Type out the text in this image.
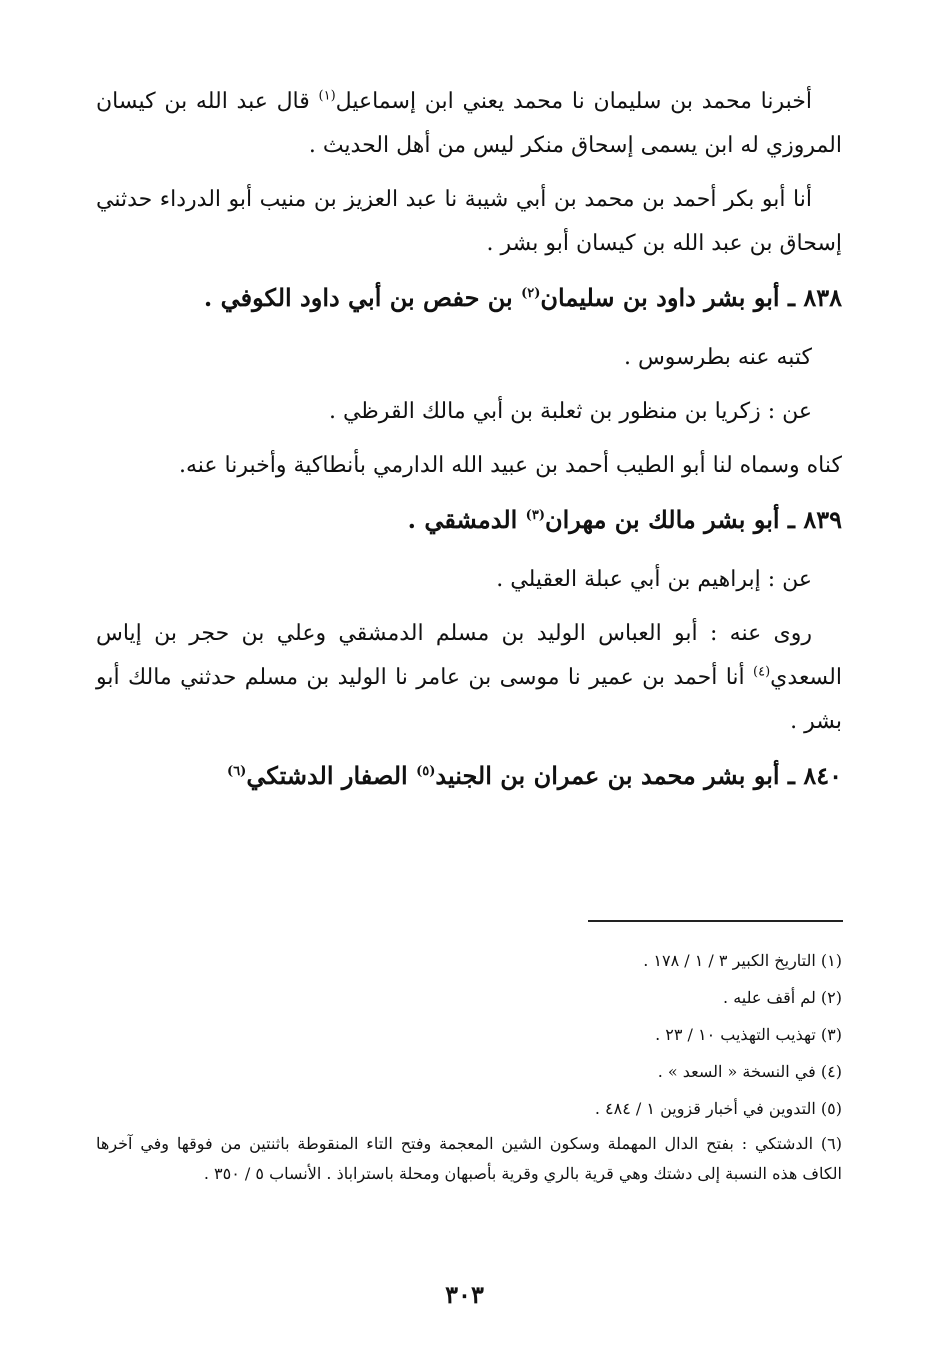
أخبرنا محمد بن سليمان نا محمد يعني ابن إسماعيل$^{(١)}$ قال عبد الله بن كيسان المروزي له ابن يسمى إسحاق منكر ليس من أهل الحديث .

أنا أبو بكر أحمد بن محمد بن أبي شيبة نا عبد العزيز بن منيب أبو الدرداء حدثني إسحاق بن عبد الله بن كيسان أبو بشر .

٨٣٨ ـ أبو بشر داود بن سليمان$^{(٢)}$ بن حفص بن أبي داود الكوفي .

كتبه عنه بطرسوس .

عن : زكريا بن منظور بن ثعلبة بن أبي مالك القرظي .

كناه وسماه لنا أبو الطيب أحمد بن عبيد الله الدارمي بأنطاكية وأخبرنا عنه.

٨٣٩ ـ أبو بشر مالك بن مهران$^{(٣)}$ الدمشقي .

عن : إبراهيم بن أبي عبلة العقيلي .

روى عنه : أبو العباس الوليد بن مسلم الدمشقي وعلي بن حجر بن إياس السعدي$^{(٤)}$ أنا أحمد بن عمير نا موسى بن عامر نا الوليد بن مسلم حدثني مالك أبو بشر .

٨٤٠ ـ أبو بشر محمد بن عمران بن الجنيد$^{(٥)}$ الصفار الدشتكي$^{(٦)}$

(١) التاريخ الكبير ٣ / ١ / ١٧٨ .

(٢) لم أقف عليه .

(٣) تهذيب التهذيب ١٠ / ٢٣ .

(٤) في النسخة « السعد » .

(٥) التدوين في أخبار قزوين ١ / ٤٨٤ .

(٦) الدشتكي : بفتح الدال المهملة وسكون الشين المعجمة وفتح التاء المنقوطة باثنتين من فوقها وفي آخرها الكاف هذه النسبة إلى دشتك وهي قرية بالري وقرية بأصبهان ومحلة باستراباذ . الأنساب ٥ / ٣٥٠ .

٣٠٣
